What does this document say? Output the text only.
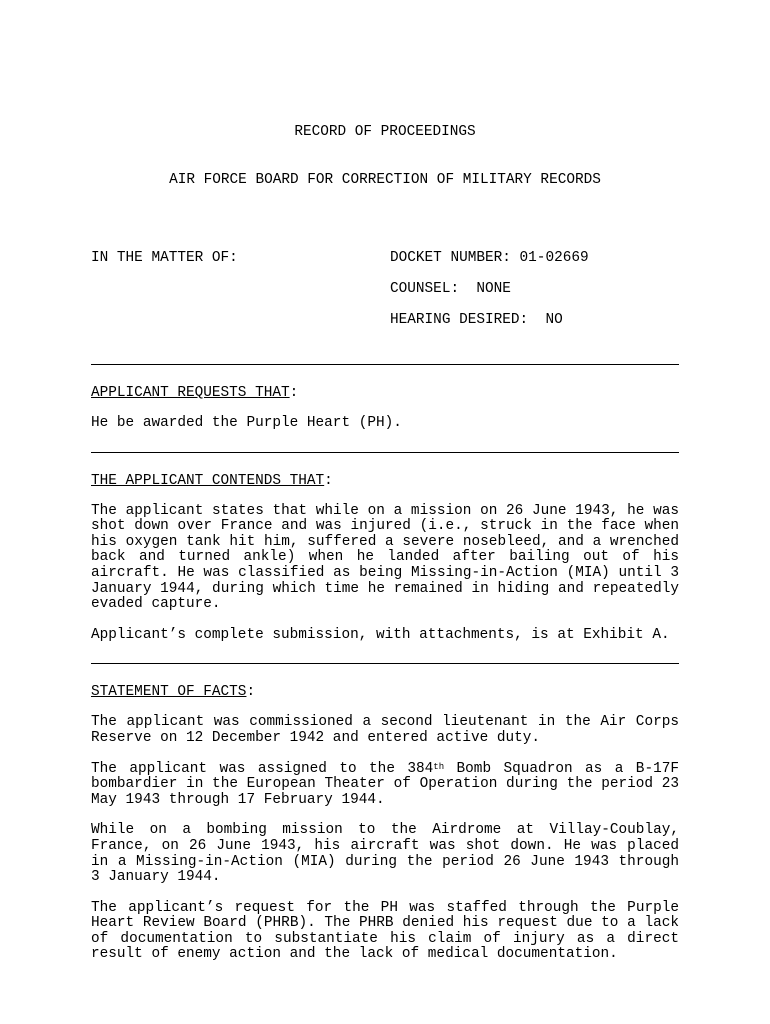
RECORD OF PROCEEDINGS

AIR FORCE BOARD FOR CORRECTION OF MILITARY RECORDS

IN THE MATTER OF:	DOCKET NUMBER: 01-02669
COUNSEL:  NONE
HEARING DESIRED:  NO
APPLICANT REQUESTS THAT:

He be awarded the Purple Heart (PH).

THE APPLICANT CONTENDS THAT:

The applicant states that while on a mission on 26 June 1943, he was shot down over France and was injured (i.e., struck in the face when his oxygen tank hit him, suffered a severe nosebleed, and a wrenched back and turned ankle) when he landed after bailing out of his aircraft. He was classified as being Missing-in-Action (MIA) until 3 January 1944, during which time he remained in hiding and repeatedly evaded capture.

Applicant’s complete submission, with attachments, is at Exhibit A.

STATEMENT OF FACTS:

The applicant was commissioned a second lieutenant in the Air Corps Reserve on 12 December 1942 and entered active duty.

The applicant was assigned to the 384th Bomb Squadron as a B-17F bombardier in the European Theater of Operation during the period 23 May 1943 through 17 February 1944.

While on a bombing mission to the Airdrome at Villay-Coublay, France, on 26 June 1943, his aircraft was shot down. He was placed in a Missing-in-Action (MIA) during the period 26 June 1943 through 3 January 1944.

The applicant’s request for the PH was staffed through the Purple Heart Review Board (PHRB). The PHRB denied his request due to a lack of documentation to substantiate his claim of injury as a direct result of enemy action and the lack of medical documentation.
